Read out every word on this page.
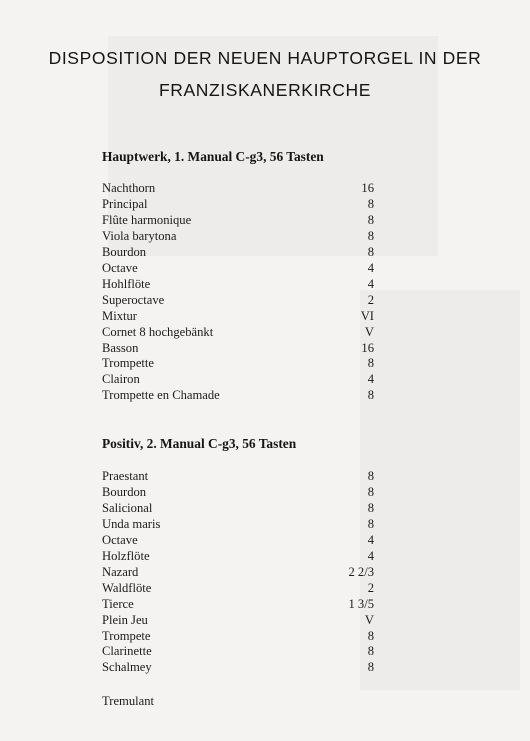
DISPOSITION DER NEUEN HAUPTORGEL IN DER
FRANZISKANERKIRCHE
Hauptwerk, 1. Manual C-g3, 56 Tasten
Nachthorn	16
Principal	8
Flûte harmonique	8
Viola barytona	8
Bourdon	8
Octave	4
Hohlflöte	4
Superoctave	2
Mixtur	VI
Cornet 8 hochgebänkt	V
Basson	16
Trompette	8
Clairon	4
Trompette en Chamade	8
Positiv, 2. Manual C-g3, 56 Tasten
Praestant	8
Bourdon	8
Salicional	8
Unda maris	8
Octave	4
Holzflöte	4
Nazard	2 2/3
Waldflöte	2
Tierce	1 3/5
Plein Jeu	V
Trompete	8
Clarinette	8
Schalmey	8
Tremulant
